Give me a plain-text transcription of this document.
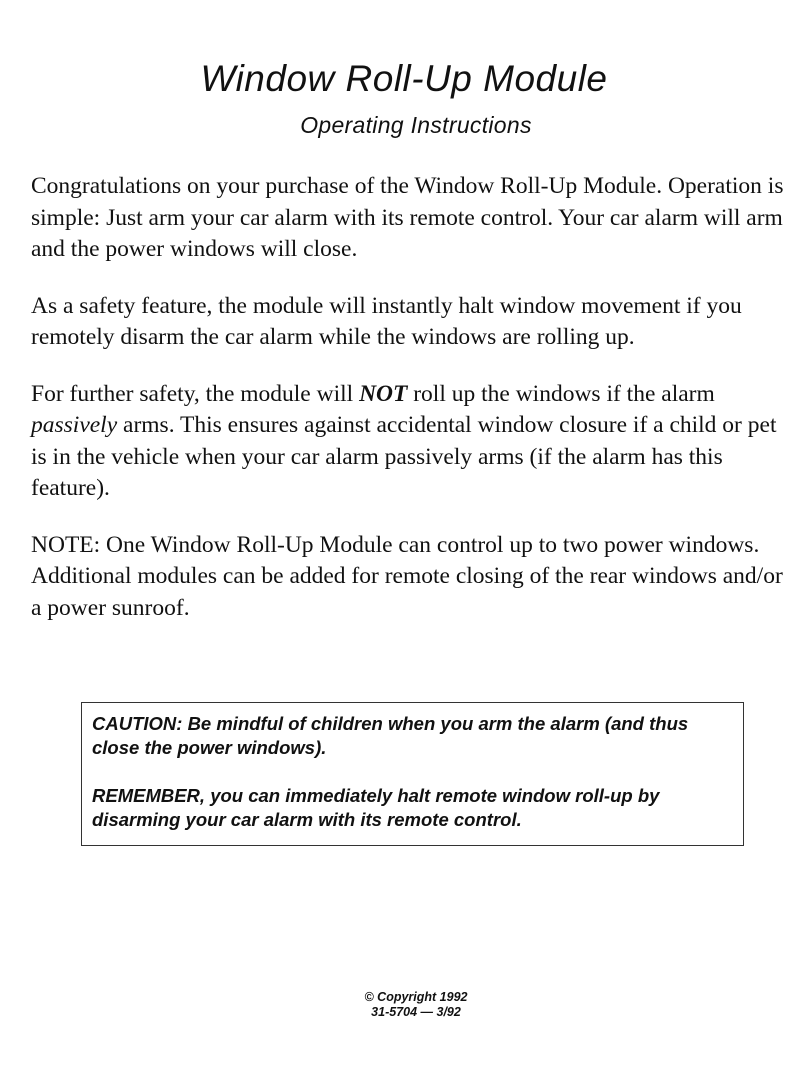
Window Roll-Up Module
Operating Instructions

Congratulations on your purchase of the Window Roll-Up Module. Operation is simple: Just arm your car alarm with its remote control. Your car alarm will arm and the power windows will close.

As a safety feature, the module will instantly halt window movement if you remotely disarm the car alarm while the windows are rolling up.

For further safety, the module will NOT roll up the windows if the alarm passively arms. This ensures against accidental window closure if a child or pet is in the vehicle when your car alarm passively arms (if the alarm has this feature).

NOTE: One Window Roll-Up Module can control up to two power windows. Additional modules can be added for remote closing of the rear windows and/or a power sunroof.

CAUTION: Be mindful of children when you arm the alarm (and thus close the power windows).

REMEMBER, you can immediately halt remote window roll-up by disarming your car alarm with its remote control.

© Copyright 1992
31-5704 — 3/92
